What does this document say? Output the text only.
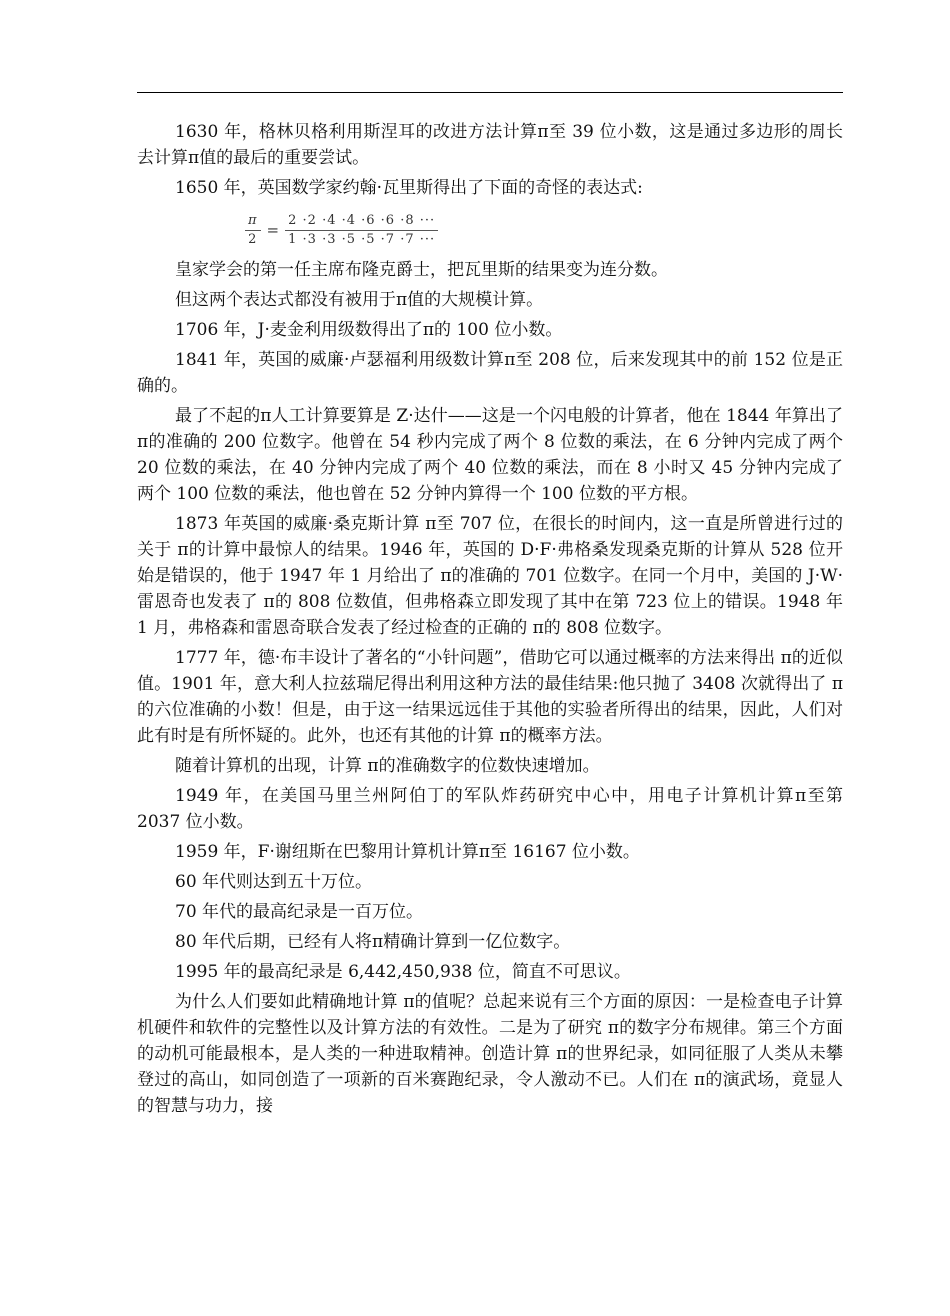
1630 年，格林贝格利用斯涅耳的改进方法计算π至 39 位小数，这是通过多边形的周长去计算π值的最后的重要尝试。

1650 年，英国数学家约翰·瓦里斯得出了下面的奇怪的表达式:

$\frac{\pi}{2} = \frac{2 \cdot 2 \cdot 4 \cdot 4 \cdot 6 \cdot 6 \cdot 8 \cdot\cdot\cdot}{1 \cdot 3 \cdot 3 \cdot 5 \cdot 5 \cdot 7 \cdot 7 \cdot\cdot\cdot}$

皇家学会的第一任主席布隆克爵士，把瓦里斯的结果变为连分数。

但这两个表达式都没有被用于π值的大规模计算。

1706 年，J·麦金利用级数得出了π的 100 位小数。

1841 年，英国的威廉·卢瑟福利用级数计算π至 208 位，后来发现其中的前 152 位是正确的。

最了不起的π人工计算要算是 Z·达什——这是一个闪电般的计算者，他在 1844 年算出了 π的准确的 200 位数字。他曾在 54 秒内完成了两个 8 位数的乘法，在 6 分钟内完成了两个 20 位数的乘法，在 40 分钟内完成了两个 40 位数的乘法，而在 8 小时又 45 分钟内完成了两个 100 位数的乘法，他也曾在 52 分钟内算得一个 100 位数的平方根。

1873 年英国的威廉·桑克斯计算 π至 707 位，在很长的时间内，这一直是所曾进行过的关于 π的计算中最惊人的结果。1946 年，英国的 D·F·弗格桑发现桑克斯的计算从 528 位开始是错误的，他于 1947 年 1 月给出了 π的准确的 701 位数字。在同一个月中，美国的 J·W·雷恩奇也发表了 π的 808 位数值，但弗格森立即发现了其中在第 723 位上的错误。1948 年 1 月，弗格森和雷恩奇联合发表了经过检查的正确的 π的 808 位数字。

1777 年，德·布丰设计了著名的“小针问题”，借助它可以通过概率的方法来得出 π的近似值。1901 年，意大利人拉兹瑞尼得出利用这种方法的最佳结果:他只抛了 3408 次就得出了 π的六位准确的小数！但是，由于这一结果远远佳于其他的实验者所得出的结果，因此，人们对此有时是有所怀疑的。此外，也还有其他的计算 π的概率方法。

随着计算机的出现，计算 π的准确数字的位数快速增加。

1949 年，在美国马里兰州阿伯丁的军队炸药研究中心中，用电子计算机计算π至第 2037 位小数。

1959 年，F·谢纽斯在巴黎用计算机计算π至 16167 位小数。

60 年代则达到五十万位。

70 年代的最高纪录是一百万位。

80 年代后期，已经有人将π精确计算到一亿位数字。

1995 年的最高纪录是 6,442,450,938 位，简直不可思议。

为什么人们要如此精确地计算 π的值呢？总起来说有三个方面的原因：一是检查电子计算机硬件和软件的完整性以及计算方法的有效性。二是为了研究 π的数字分布规律。第三个方面的动机可能最根本，是人类的一种进取精神。创造计算 π的世界纪录，如同征服了人类从未攀登过的高山，如同创造了一项新的百米赛跑纪录，令人激动不已。人们在 π的演武场，竟显人的智慧与功力，接
